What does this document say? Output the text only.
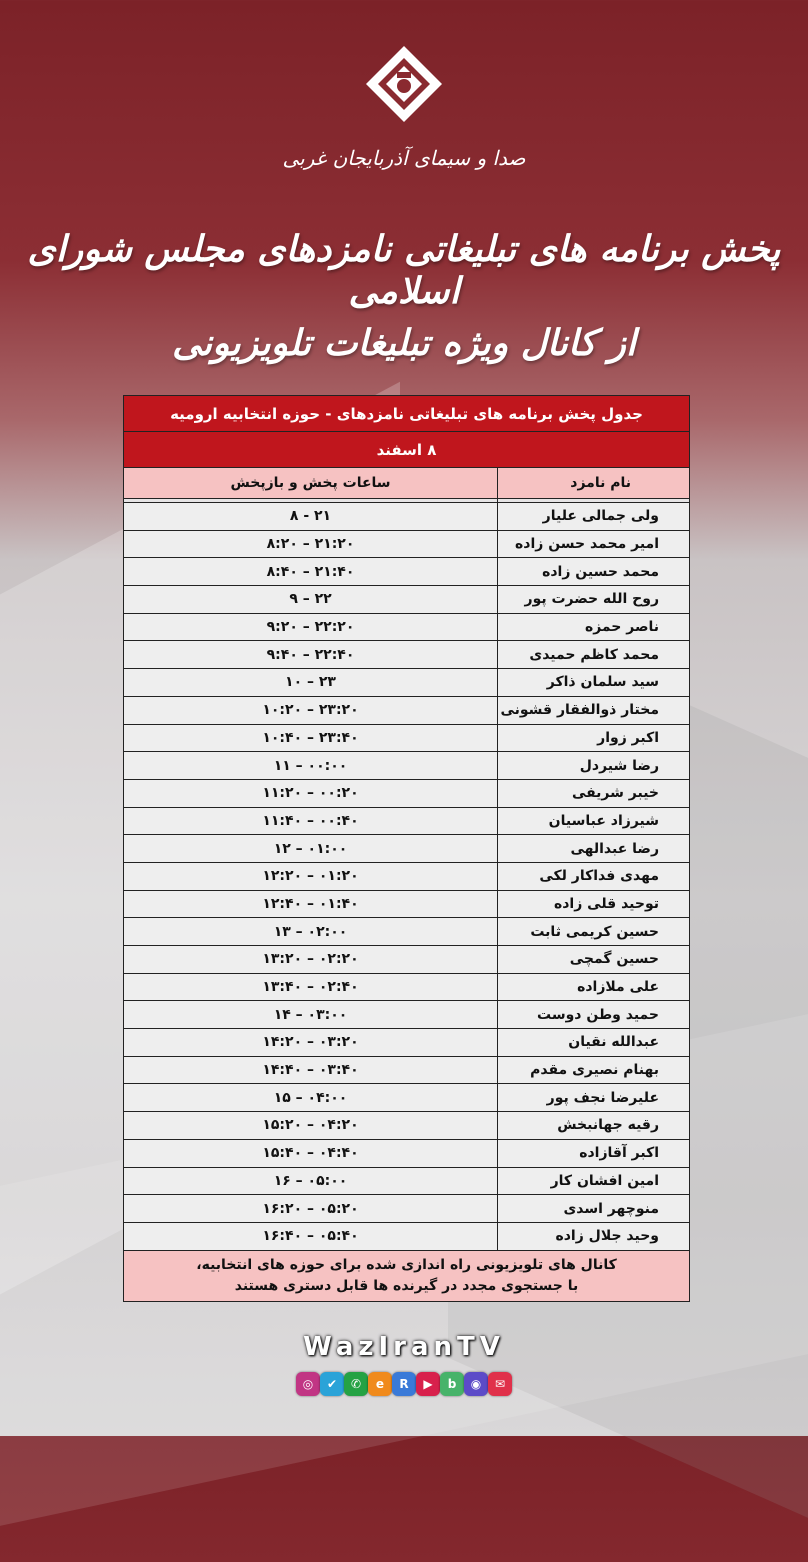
صدا و سیمای آذربایجان غربی
پخش برنامه های تبلیغاتی نامزدهای مجلس شورای اسلامی
از کانال ویژه تبلیغات تلویزیونی
جدول پخش برنامه های تبلیغاتی نامزدهای - حوزه انتخابیه ارومیه	
۸ اسفند	
نام نامزد	ساعات پخش و بازپخش

ولی جمالی علیار	۸ - ۲۱
امیر محمد حسن زاده	۸:۲۰ – ۲۱:۲۰
محمد حسین زاده	۸:۴۰ – ۲۱:۴۰
روح الله حضرت پور	۹ – ۲۲
ناصر حمزه	۹:۲۰ – ۲۲:۲۰
محمد کاظم حمیدی	۹:۴۰ – ۲۲:۴۰
سید سلمان ذاکر	۱۰ – ۲۳
مختار ذوالفقار قشونی	۱۰:۲۰ – ۲۳:۲۰
اکبر زوار	۱۰:۴۰ – ۲۳:۴۰
رضا شیردل	۱۱ – ۰۰:۰۰
خیبر شریفی	۱۱:۲۰ – ۰۰:۲۰
شیرزاد عباسیان	۱۱:۴۰ – ۰۰:۴۰
رضا عبدالهی	۱۲ – ۰۱:۰۰
مهدی فداکار لکی	۱۲:۲۰ – ۰۱:۲۰
توحید قلی زاده	۱۲:۴۰ – ۰۱:۴۰
حسین کریمی ثابت	۱۳ – ۰۲:۰۰
حسین گمچی	۱۳:۲۰ – ۰۲:۲۰
علی ملازاده	۱۳:۴۰ – ۰۲:۴۰
حمید وطن دوست	۱۴ – ۰۳:۰۰
عبدالله نقیان	۱۴:۲۰ – ۰۳:۲۰
بهنام نصیری مقدم	۱۴:۴۰ – ۰۳:۴۰
علیرضا نجف پور	۱۵ – ۰۴:۰۰
رقیه جهانبخش	۱۵:۲۰ – ۰۴:۲۰
اکبر آقازاده	۱۵:۴۰ – ۰۴:۴۰
امین افشان کار	۱۶ – ۰۵:۰۰
منوچهر اسدی	۱۶:۲۰ – ۰۵:۲۰
وحید جلال زاده	۱۶:۴۰ – ۰۵:۴۰

کانال های تلویزیونی راه اندازی شده برای حوزه های انتخابیه،
با جستجوی مجدد در گیرنده ها قابل دستری هستند	
WazIranTV
◎	✔	✆	e	R	▶	b	◉	✉
